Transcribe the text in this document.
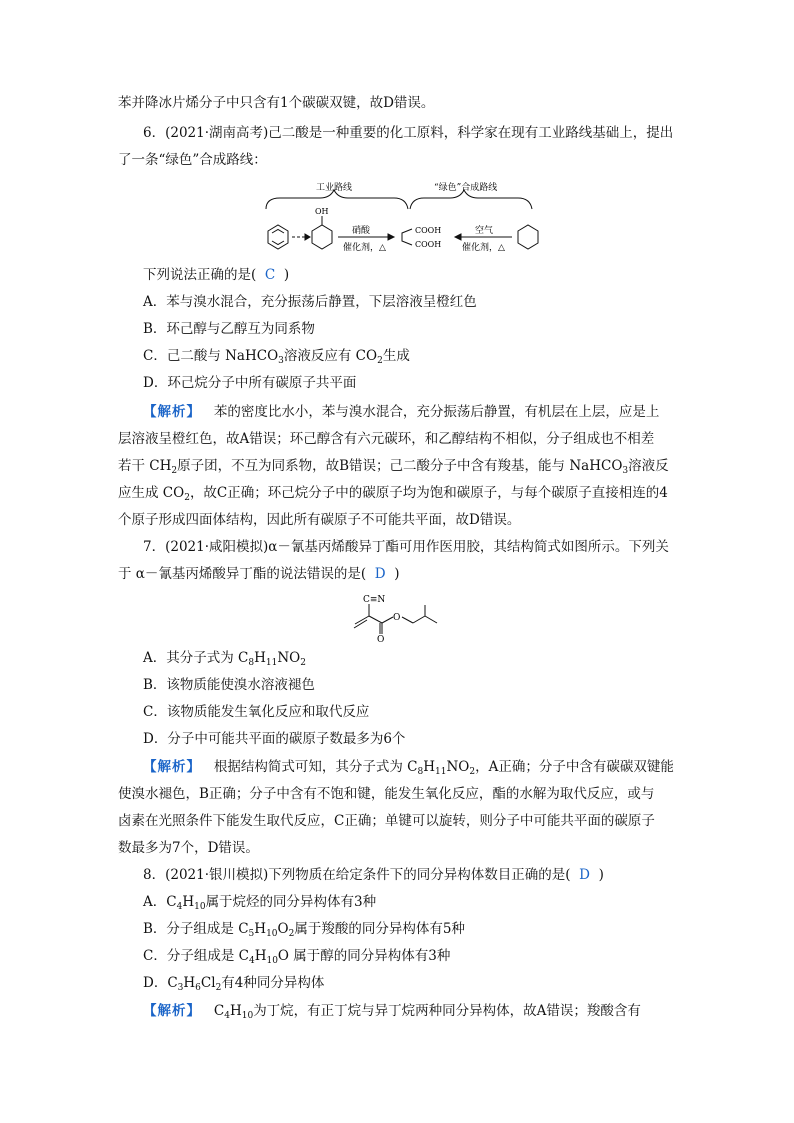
苯并降冰片烯分子中只含有1个碳碳双键，故D错误。
6．(2021·湖南高考)己二酸是一种重要的化工原料，科学家在现有工业路线基础上，提出
了一条“绿色”合成路线：
工业路线	“绿色”合成路线
OH
硝酸
催化剂，△
COOH
COOH
空气
催化剂，△
下列说法正确的是( C )
A．苯与溴水混合，充分振荡后静置，下层溶液呈橙红色
B．环己醇与乙醇互为同系物
C．己二酸与 NaHCO$_3$溶液反应有 $CO_2$生成
D．环己烷分子中所有碳原子共平面
【解析】 苯的密度比水小，苯与溴水混合，充分振荡后静置，有机层在上层，应是上
层溶液呈橙红色，故A错误；环己醇含有六元碳环，和乙醇结构不相似，分子组成也不相差
若干 $CH_2$原子团，不互为同系物，故B错误；己二酸分子中含有羧基，能与 NaHCO$_3$溶液反
应生成 $CO_2$，故C正确；环己烷分子中的碳原子均为饱和碳原子，与每个碳原子直接相连的4
个原子形成四面体结构，因此所有碳原子不可能共平面，故D错误。
7．(2021·咸阳模拟)α－氰基丙烯酸异丁酯可用作医用胶，其结构简式如图所示。下列关
于 α－氰基丙烯酸异丁酯的说法错误的是( D )
C≡N
O
O
A．其分子式为 $C_8H_{11}NO_2$
B．该物质能使溴水溶液褪色
C．该物质能发生氧化反应和取代反应
D．分子中可能共平面的碳原子数最多为6个
【解析】 根据结构简式可知，其分子式为 $C_8H_{11}NO_2$，A正确；分子中含有碳碳双键能
使溴水褪色，B正确；分子中含有不饱和键，能发生氧化反应，酯的水解为取代反应，或与
卤素在光照条件下能发生取代反应，C正确；单键可以旋转，则分子中可能共平面的碳原子
数最多为7个，D错误。
8．(2021·银川模拟)下列物质在给定条件下的同分异构体数目正确的是( D )
A．$C_4H_{10}$属于烷烃的同分异构体有3种
B．分子组成是 $C_5H_{10}O_2$属于羧酸的同分异构体有5种
C．分子组成是 $C_4H_{10}O$ 属于醇的同分异构体有3种
D．$C_3H_6Cl_2$有4种同分异构体
【解析】 $C_4H_{10}$为丁烷，有正丁烷与异丁烷两种同分异构体，故A错误；羧酸含有
